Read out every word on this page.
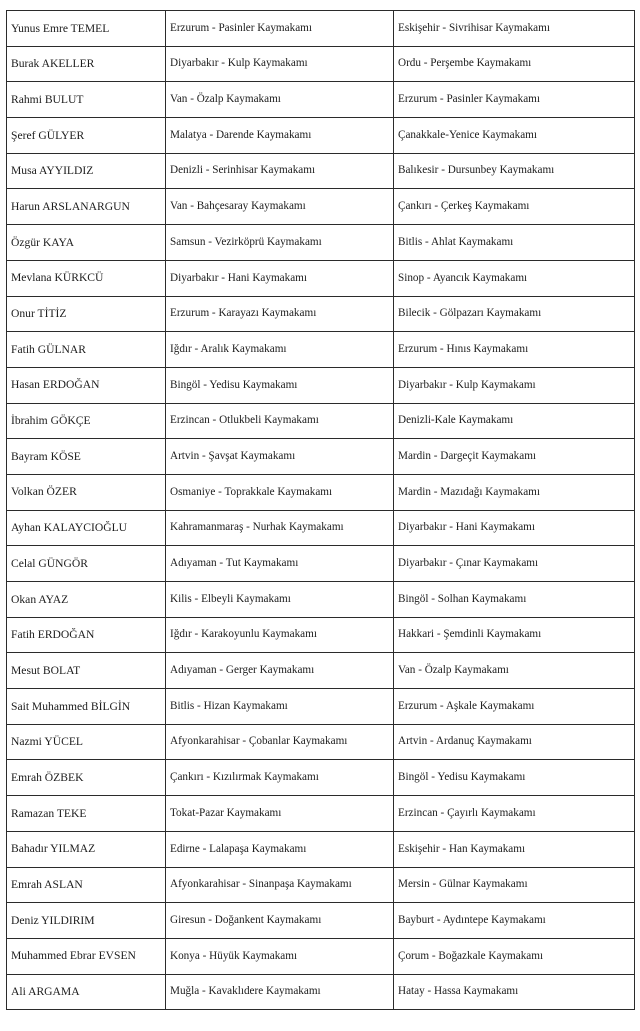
Yunus Emre TEMEL	Erzurum - Pasinler Kaymakamı	Eskişehir - Sivrihisar Kaymakamı
Burak AKELLER	Diyarbakır - Kulp Kaymakamı	Ordu - Perşembe Kaymakamı
Rahmi BULUT	Van - Özalp Kaymakamı	Erzurum - Pasinler Kaymakamı
Şeref GÜLYER	Malatya - Darende Kaymakamı	Çanakkale-Yenice Kaymakamı
Musa AYYILDIZ	Denizli - Serinhisar Kaymakamı	Balıkesir - Dursunbey Kaymakamı
Harun ARSLANARGUN	Van - Bahçesaray Kaymakamı	Çankırı - Çerkeş Kaymakamı
Özgür KAYA	Samsun - Vezirköprü Kaymakamı	Bitlis - Ahlat Kaymakamı
Mevlana KÜRKCÜ	Diyarbakır - Hani Kaymakamı	Sinop - Ayancık Kaymakamı
Onur TİTİZ	Erzurum - Karayazı Kaymakamı	Bilecik - Gölpazarı Kaymakamı
Fatih GÜLNAR	Iğdır - Aralık Kaymakamı	Erzurum - Hınıs Kaymakamı
Hasan ERDOĞAN	Bingöl - Yedisu Kaymakamı	Diyarbakır - Kulp Kaymakamı
İbrahim GÖKÇE	Erzincan - Otlukbeli Kaymakamı	Denizli-Kale Kaymakamı
Bayram KÖSE	Artvin - Şavşat Kaymakamı	Mardin - Dargeçit Kaymakamı
Volkan ÖZER	Osmaniye - Toprakkale Kaymakamı	Mardin - Mazıdağı Kaymakamı
Ayhan KALAYCIOĞLU	Kahramanmaraş - Nurhak Kaymakamı	Diyarbakır - Hani Kaymakamı
Celal GÜNGÖR	Adıyaman - Tut Kaymakamı	Diyarbakır - Çınar Kaymakamı
Okan AYAZ	Kilis - Elbeyli Kaymakamı	Bingöl - Solhan Kaymakamı
Fatih ERDOĞAN	Iğdır - Karakoyunlu Kaymakamı	Hakkari - Şemdinli Kaymakamı
Mesut BOLAT	Adıyaman - Gerger Kaymakamı	Van - Özalp Kaymakamı
Sait Muhammed BİLGİN	Bitlis - Hizan Kaymakamı	Erzurum - Aşkale Kaymakamı
Nazmi YÜCEL	Afyonkarahisar - Çobanlar Kaymakamı	Artvin - Ardanuç Kaymakamı
Emrah ÖZBEK	Çankırı - Kızılırmak Kaymakamı	Bingöl - Yedisu Kaymakamı
Ramazan TEKE	Tokat-Pazar Kaymakamı	Erzincan - Çayırlı Kaymakamı
Bahadır YILMAZ	Edirne - Lalapaşa Kaymakamı	Eskişehir - Han Kaymakamı
Emrah ASLAN	Afyonkarahisar - Sinanpaşa Kaymakamı	Mersin - Gülnar Kaymakamı
Deniz YILDIRIM	Giresun - Doğankent Kaymakamı	Bayburt - Aydıntepe Kaymakamı
Muhammed Ebrar EVSEN	Konya - Hüyük Kaymakamı	Çorum - Boğazkale Kaymakamı
Ali ARGAMA	Muğla - Kavaklıdere Kaymakamı	Hatay - Hassa Kaymakamı
